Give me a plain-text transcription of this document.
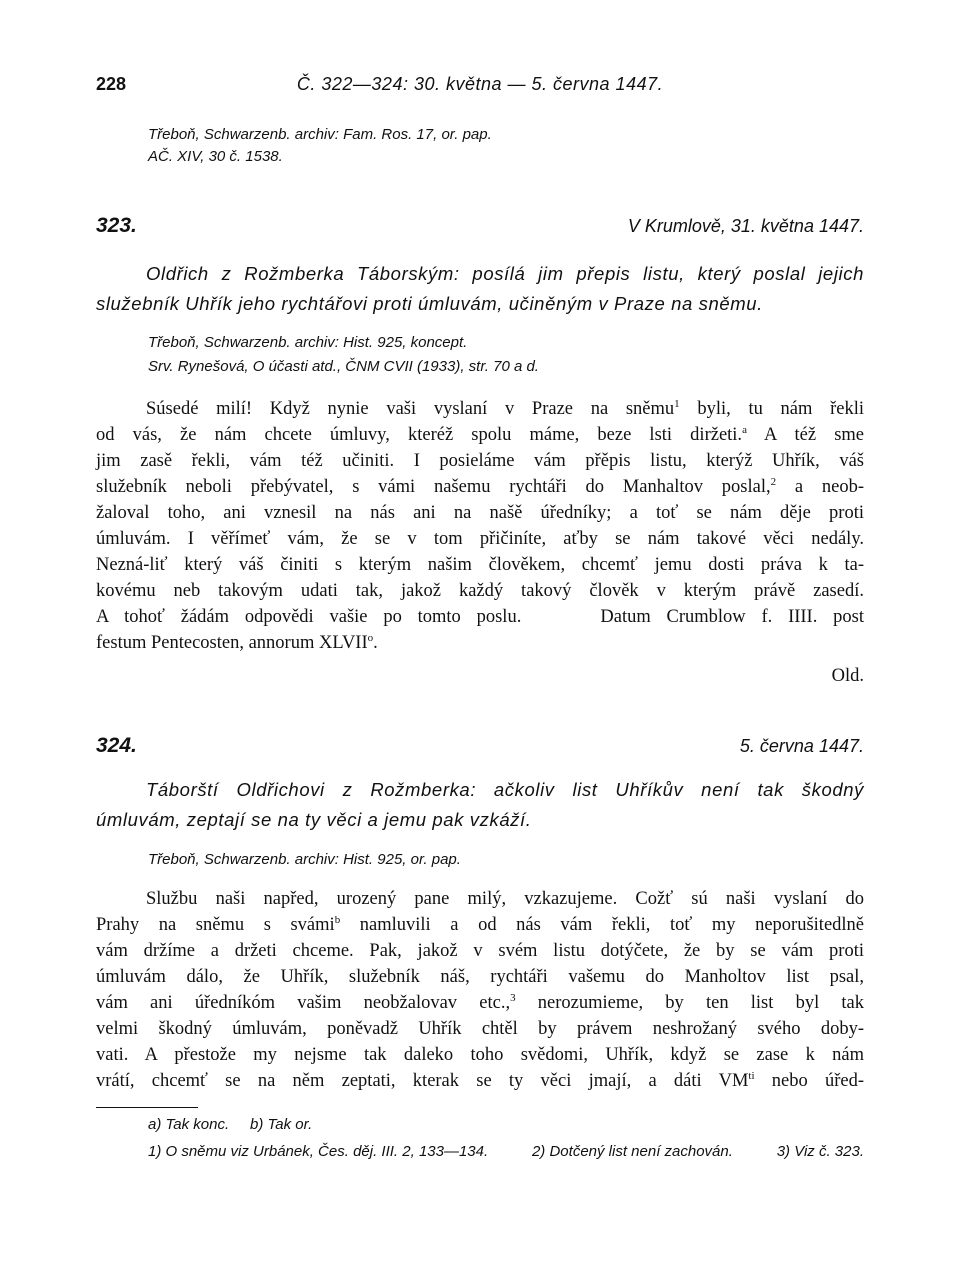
228	Č. 322—324: 30. května — 5. června 1447.
Třeboň, Schwarzenb. archiv: Fam. Ros. 17, or. pap.
AČ. XIV, 30 č. 1538.
323.	V Krumlově, 31. května 1447.
Oldřich z Rožmberka Táborským: posílá jim přepis listu, který poslal jejich
služebník Uhřík jeho rychtářovi proti úmluvám, učiněným v Praze na sněmu.
Třeboň, Schwarzenb. archiv: Hist. 925, koncept.
Srv. Rynešová, O účasti atd., ČNM CVII (1933), str. 70 a d.
Súsedé milí! Když nynie vaši vyslaní v Praze na sněmu$^1$ byli, tu nám řekli
od vás, že nám chcete úmluvy, kteréž spolu máme, beze lsti diržeti.$^a$ A též sme
jim zasě řekli, vám též učiniti. I posieláme vám přěpis listu, kterýž Uhřík, váš
služebník neboli přebývatel, s vámi našemu rychtáři do Manhaltov poslal,$^2$ a neob-
žaloval toho, ani vznesil na nás ani na našě úředníky; a toť se nám děje proti
úmluvám. I věřímeť vám, že se v tom přičiníte, aťby se nám takové věci nedály.
Nezná-liť který váš činiti s kterým našim člověkem, chcemť jemu dosti práva k ta-
kovému neb takovým udati tak, jakož každý takový člověk v kterým právě zasedí.
A tohoť žádám odpovědi vašie po tomto poslu.     Datum Crumblow f. IIII. post
festum Pentecosten, annorum XLVII$^o$.
Old.
324.	5. června 1447.
Táborští Oldřichovi z Rožmberka: ačkoliv list Uhříkův není tak škodný
úmluvám, zeptají se na ty věci a jemu pak vzkáží.
Třeboň, Schwarzenb. archiv: Hist. 925, or. pap.
Službu naši napřed, urozený pane milý, vzkazujeme. Cožť sú naši vyslaní do
Prahy na sněmu s svámi$^b$ namluvili a od nás vám řekli, toť my neporušitedlně
vám držíme a držeti chceme. Pak, jakož v svém listu dotýčete, že by se vám proti
úmluvám dálo, že Uhřík, služebník náš, rychtáři vašemu do Manholtov list psal,
vám ani úředníkóm vašim neobžalovav etc.,$^3$ nerozumieme, by ten list byl tak
velmi škodný úmluvám, poněvadž Uhřík chtěl by právem neshrožaný svého doby-
vati. A přestože my nejsme tak daleko toho svědomi, Uhřík, když se zase k nám
vrátí, chcemť se na něm zeptati, kterak se ty věci jmají, a dáti $VM^{ti}$ nebo úřed-
a) Tak konc.     b) Tak or.
1) O sněmu viz Urbánek, Čes. děj. III. 2, 133—134.	2) Dotčený list není zachován.	3) Viz č. 323.
